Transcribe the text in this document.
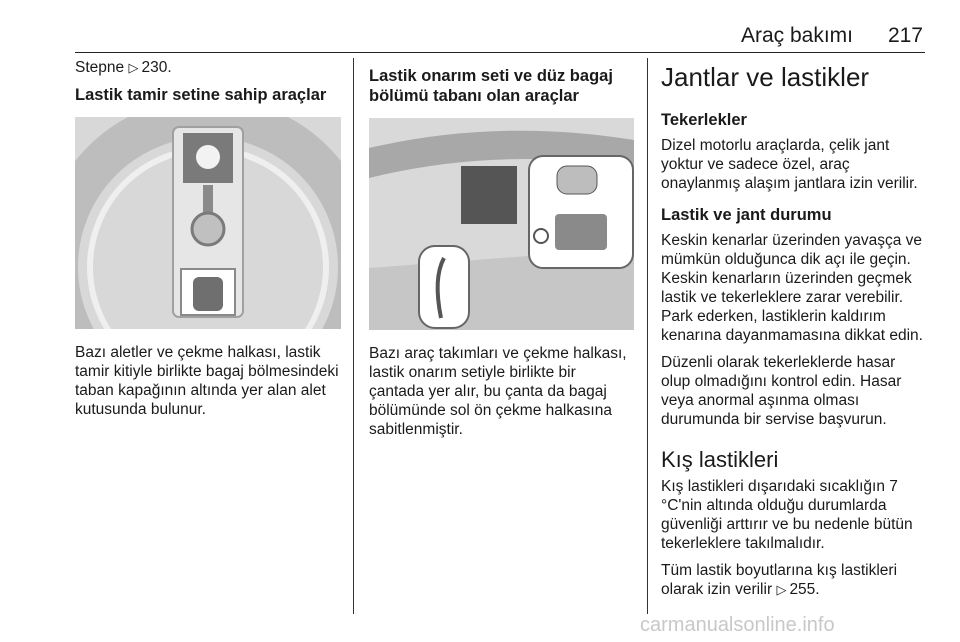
Araç bakımı 217

Stepne ▷ 230.

Lastik tamir setine sahip araçlar

Bazı aletler ve çekme halkası, lastik tamir kitiyle birlikte bagaj bölmesindeki taban kapağının altında yer alan alet kutusunda bulunur.

Lastik onarım seti ve düz bagaj bölümü tabanı olan araçlar

Bazı araç takımları ve çekme halkası, lastik onarım setiyle birlikte bir çantada yer alır, bu çanta da bagaj bölümünde sol ön çekme halkasına sabitlenmiştir.

Jantlar ve lastikler
Tekerlekler

Dizel motorlu araçlarda, çelik jant yoktur ve sadece özel, araç onaylanmış alaşım jantlara izin verilir.

Lastik ve jant durumu

Keskin kenarlar üzerinden yavaşça ve mümkün olduğunca dik açı ile geçin. Keskin kenarların üzerinden geçmek lastik ve tekerleklere zarar verebilir. Park ederken, lastiklerin kaldırım kenarına dayanmamasına dikkat edin.

Düzenli olarak tekerleklerde hasar olup olmadığını kontrol edin. Hasar veya anormal aşınma olması durumunda bir servise başvurun.

Kış lastikleri

Kış lastikleri dışarıdaki sıcaklığın 7 °C'nin altında olduğu durumlarda güvenliği arttırır ve bu nedenle bütün tekerleklere takılmalıdır.

Tüm lastik boyutlarına kış lastikleri olarak izin verilir ▷ 255.

carmanualsonline.info
